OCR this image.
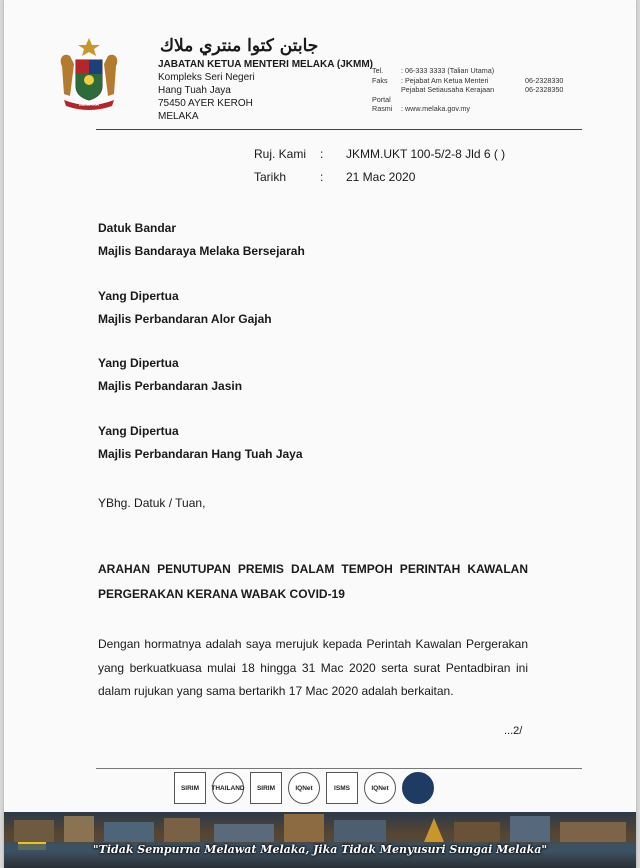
MELAKA
جابتن كتوا منتري ملاك
JABATAN KETUA MENTERI MELAKA (JKMM)
Kompleks Seri Negeri
Hang Tuah Jaya
75450 AYER KEROH
MELAKA
Tel.	: 06-333 3333 (Talian Utama)
Faks	: Pejabat Am Ketua Menteri	06-2328330
Pejabat Setiausaha Kerajaan	06-2328350
Portal
Rasmi	: www.melaka.gov.my
Ruj. Kami	:	JKMM.UKT 100-5/2-8 Jld 6 ( )
Tarikh	:	21 Mac 2020
Datuk Bandar
Majlis Bandaraya Melaka Bersejarah
Yang Dipertua
Majlis Perbandaran Alor Gajah
Yang Dipertua
Majlis Perbandaran Jasin
Yang Dipertua
Majlis Perbandaran Hang Tuah Jaya
YBhg. Datuk / Tuan,
ARAHAN PENUTUPAN PREMIS DALAM TEMPOH PERINTAH KAWALAN
PERGERAKAN KERANA WABAK COVID-19
Dengan hormatnya adalah saya merujuk kepada Perintah Kawalan Pergerakan yang berkuatkuasa mulai 18 hingga 31 Mac 2020 serta surat Pentadbiran ini dalam rujukan yang sama bertarikh 17 Mac 2020 adalah berkaitan.
...2/
SIRIM	THAILAND	SIRIM	IQNet	ISMS	IQNet
"Tidak Sempurna Melawat Melaka, Jika Tidak Menyusuri Sungai Melaka"
